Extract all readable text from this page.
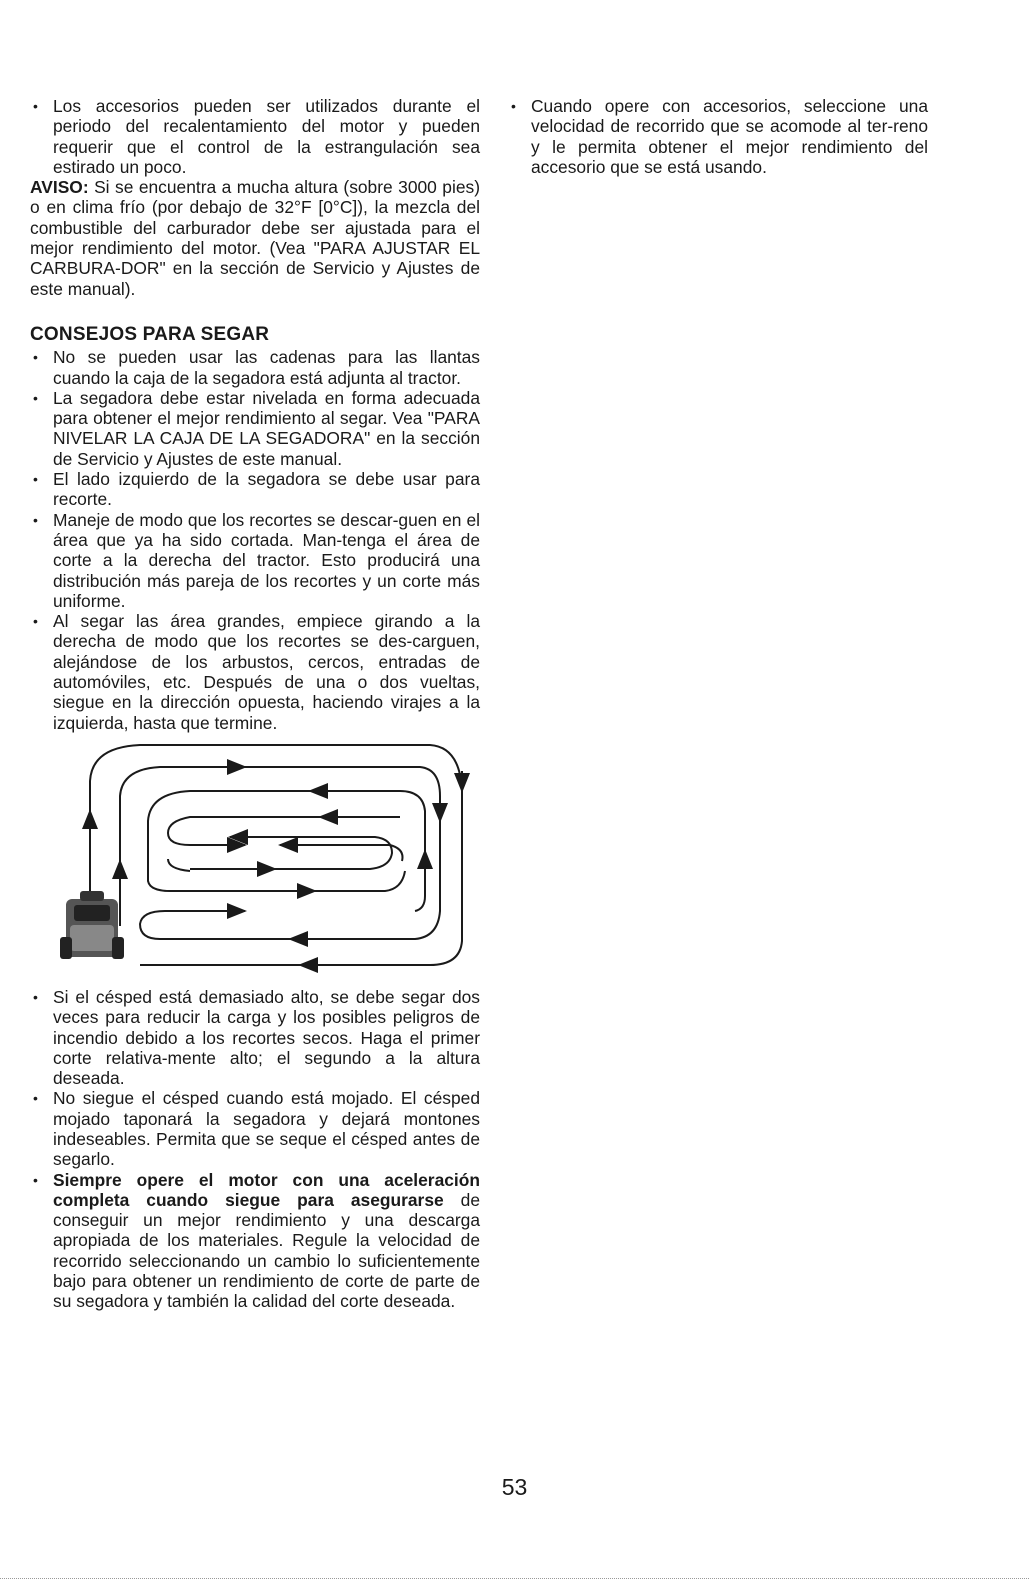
• Los accesorios pueden ser utilizados durante el periodo del recalentamiento del motor y pueden requerir que el control de la estrangulación sea estirado un poco.

AVISO: Si se encuentra a mucha altura (sobre 3000 pies) o en clima frío (por debajo de 32°F [0°C]), la mezcla del combustible del carburador debe ser ajustada para el mejor rendimiento del motor. (Vea "PARA AJUSTAR EL CARBURA-DOR" en la sección de Servicio y Ajustes de este manual).

CONSEJOS PARA SEGAR
• No se pueden usar las cadenas para las llantas cuando la caja de la segadora está adjunta al tractor.
• La segadora debe estar nivelada en forma adecuada para obtener el mejor rendimiento al segar. Vea "PARA NIVELAR LA CAJA DE LA SEGADORA" en la sección de Servicio y Ajustes de este manual.
• El lado izquierdo de la segadora se debe usar para recorte.
• Maneje de modo que los recortes se descar-guen en el área que ya ha sido cortada. Man-tenga el área de corte a la derecha del tractor. Esto producirá una distribución más pareja de los recortes y un corte más uniforme.
• Al segar las área grandes, empiece girando a la derecha de modo que los recortes se des-carguen, alejándose de los arbustos, cercos, entradas de automóviles, etc. Después de una o dos vueltas, siegue en la dirección opuesta, haciendo virajes a la izquierda, hasta que termine.
• Si el césped está demasiado alto, se debe segar dos veces para reducir la carga y los posibles peligros de incendio debido a los recortes secos. Haga el primer corte relativa-mente alto; el segundo a la altura deseada.
• No siegue el césped cuando está mojado. El césped mojado taponará la segadora y dejará montones indeseables. Permita que se seque el césped antes de segarlo.
• Siempre opere el motor con una aceleración completa cuando siegue para asegurarse de conseguir un mejor rendimiento y una descarga apropiada de los materiales. Regule la velocidad de recorrido seleccionando un cambio lo suficientemente bajo para obtener un rendimiento de corte de parte de su segadora y también la calidad del corte deseada.
• Cuando opere con accesorios, seleccione una velocidad de recorrido que se acomode al ter-reno y le permita obtener el mejor rendimiento del accesorio que se está usando.
53
